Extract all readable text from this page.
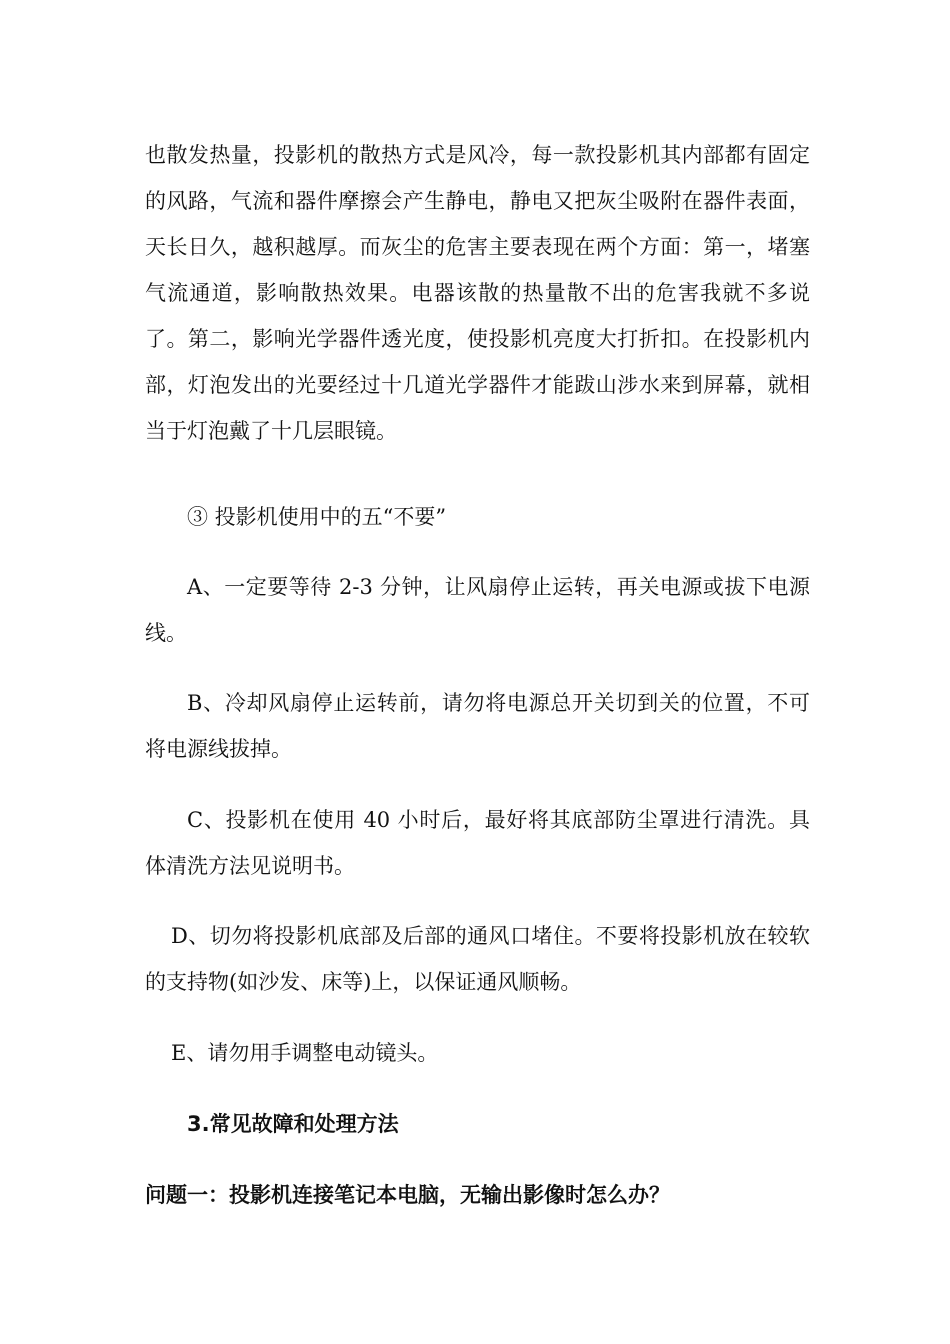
也散发热量，投影机的散热方式是风冷，每一款投影机其内部都有固定的风路，气流和器件摩擦会产生静电，静电又把灰尘吸附在器件表面，天长日久，越积越厚。而灰尘的危害主要表现在两个方面：第一，堵塞气流通道，影响散热效果。电器该散的热量散不出的危害我就不多说了。第二，影响光学器件透光度，使投影机亮度大打折扣。在投影机内部，灯泡发出的光要经过十几道光学器件才能跋山涉水来到屏幕，就相当于灯泡戴了十几层眼镜。

③ 投影机使用中的五“不要”

A、一定要等待 2-3 分钟，让风扇停止运转，再关电源或拔下电源线。

B、冷却风扇停止运转前，请勿将电源总开关切到关的位置，不可将电源线拔掉。

C、投影机在使用 40 小时后，最好将其底部防尘罩进行清洗。具体清洗方法见说明书。

D、切勿将投影机底部及后部的通风口堵住。不要将投影机放在较软的支持物(如沙发、床等)上，以保证通风顺畅。

E、请勿用手调整电动镜头。

3.常见故障和处理方法

问题一：投影机连接笔记本电脑，无输出影像时怎么办？
